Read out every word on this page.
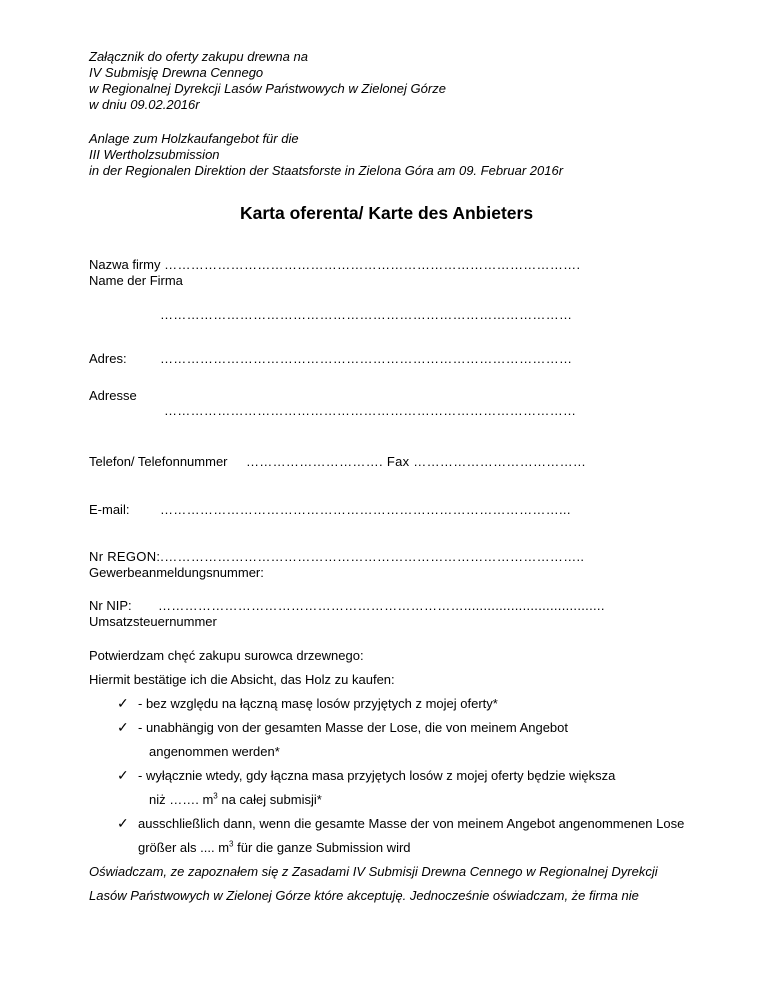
Załącznik do oferty zakupu drewna na
IV Submisję Drewna Cennego
w Regionalnej Dyrekcji Lasów Państwowych w Zielonej Górze
w dniu 09.02.2016r
Anlage zum Holzkaufangebot für die
III Wertholzsubmission
in der Regionalen Direktion der Staatsforste in Zielona Góra am 09. Februar 2016r
Karta oferenta/ Karte des Anbieters
Nazwa firmy ………………………………………………………………………………….
Name der Firma
…………………………………………………………………………………
Adres:	…………………………………………………………………………………
Adresse
…………………………………………………………………………………
Telefon/ Telefonnummer …………………………. Fax …………………………………
E-mail: ………………………………………………………………………………...
Nr REGON:.…………………………………………………………………………………..
Gewerbeanmeldungsnummer:
Nr NIP: ……………………………………………………………....................................
Umsatzsteuernummer
Potwierdzam chęć zakupu surowca drzewnego:
Hiermit bestätige ich die Absicht, das Holz zu kaufen:
✓ - bez względu na łączną masę losów przyjętych z mojej oferty*
✓ - unabhängig von der gesamten Masse der Lose, die von meinem Angebot
angenommen werden*
✓ - wyłącznie wtedy, gdy łączna masa przyjętych losów z mojej oferty będzie większa
niż ……. $m^3$ na całej submisji*
✓ ausschließlich dann, wenn die gesamte Masse der von meinem Angebot angenommenen Lose
größer als .... $m^3$ für die ganze Submission wird
Oświadczam, ze zapoznałem się z Zasadami IV Submisji Drewna Cennego w Regionalnej Dyrekcji
Lasów Państwowych w Zielonej Górze które akceptuję. Jednocześnie oświadczam, że firma nie
